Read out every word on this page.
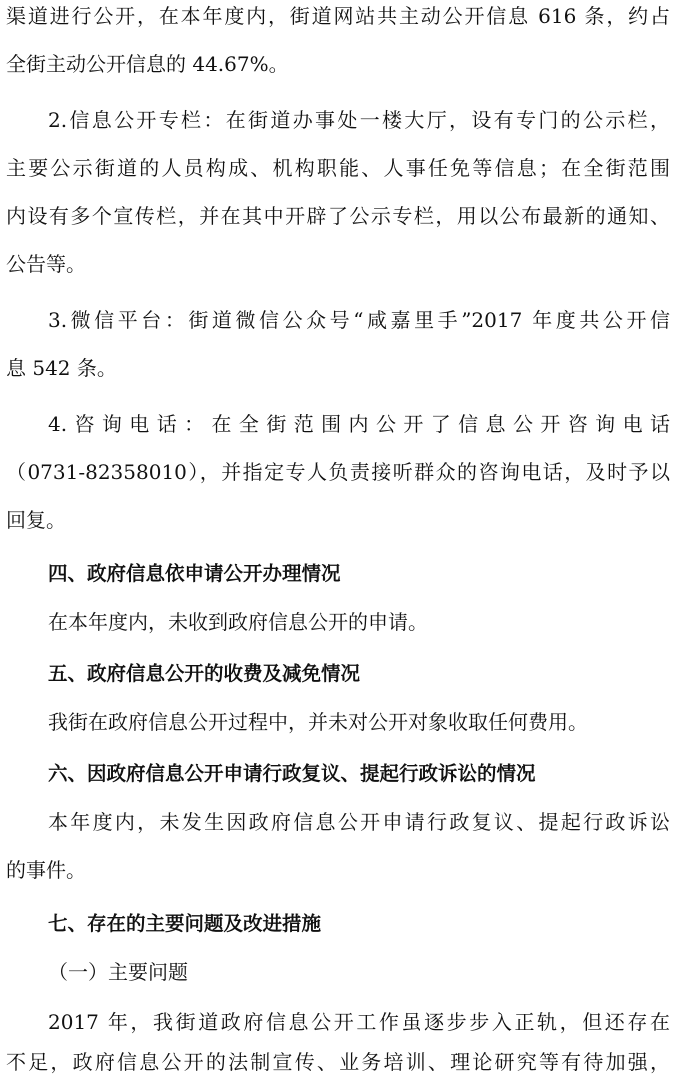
渠道进行公开，在本年度内，街道网站共主动公开信息 616 条，约占
全街主动公开信息的 44.67%。
2.信息公开专栏：在街道办事处一楼大厅，设有专门的公示栏，
主要公示街道的人员构成、机构职能、人事任免等信息；在全街范围
内设有多个宣传栏，并在其中开辟了公示专栏，用以公布最新的通知、
公告等。
3.微信平台：街道微信公众号“咸嘉里手”2017 年度共公开信
息 542 条。
4.咨询电话：在全街范围内公开了信息公开咨询电话
（0731-82358010），并指定专人负责接听群众的咨询电话，及时予以
回复。
四、政府信息依申请公开办理情况
在本年度内，未收到政府信息公开的申请。
五、政府信息公开的收费及减免情况
我街在政府信息公开过程中，并未对公开对象收取任何费用。
六、因政府信息公开申请行政复议、提起行政诉讼的情况
本年度内，未发生因政府信息公开申请行政复议、提起行政诉讼
的事件。
七、存在的主要问题及改进措施
（一）主要问题
2017 年，我街道政府信息公开工作虽逐步步入正轨，但还存在
不足，政府信息公开的法制宣传、业务培训、理论研究等有待加强，
